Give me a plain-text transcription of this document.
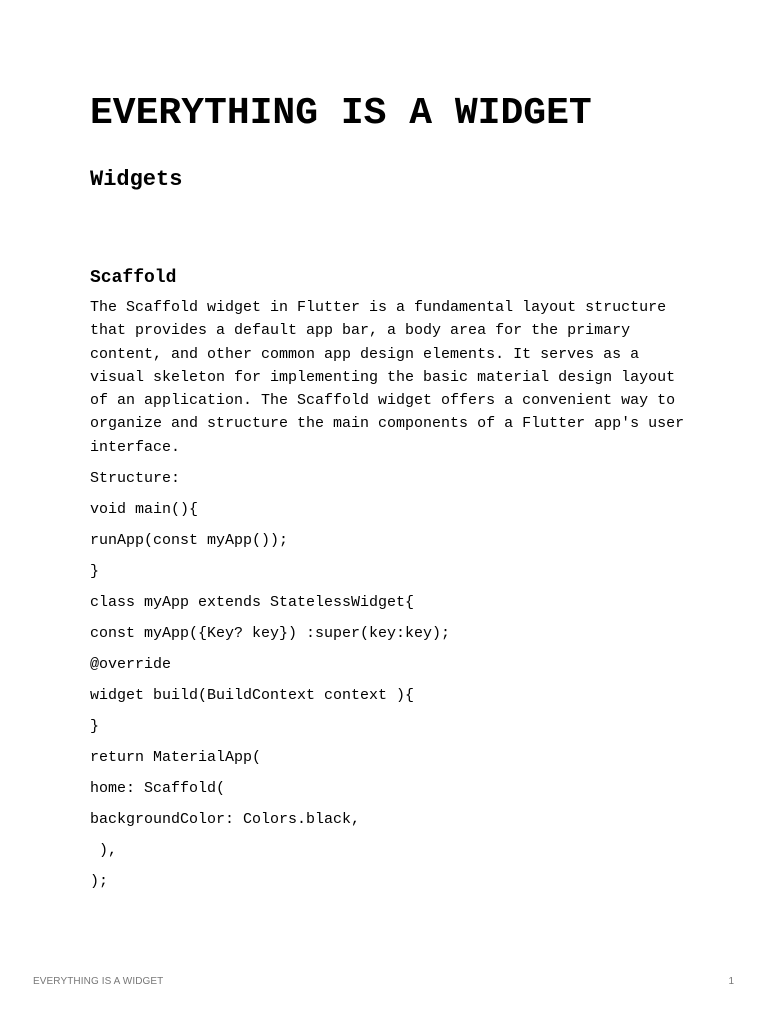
EVERYTHING IS A WIDGET
Widgets
Scaffold

The Scaffold widget in Flutter is a fundamental layout structure that provides a default app bar, a body area for the primary content, and other common app design elements. It serves as a visual skeleton for implementing the basic material design layout of an application. The Scaffold widget offers a convenient way to organize and structure the main components of a Flutter app's user interface.

Structure:
void main(){
runApp(const myApp());
}
class myApp extends StatelessWidget{
const myApp({Key? key}) :super(key:key);
@override
widget build(BuildContext context ){
}
return MaterialApp(
home: Scaffold(
backgroundColor: Colors.black,
),
);
EVERYTHING IS A WIDGET	1
